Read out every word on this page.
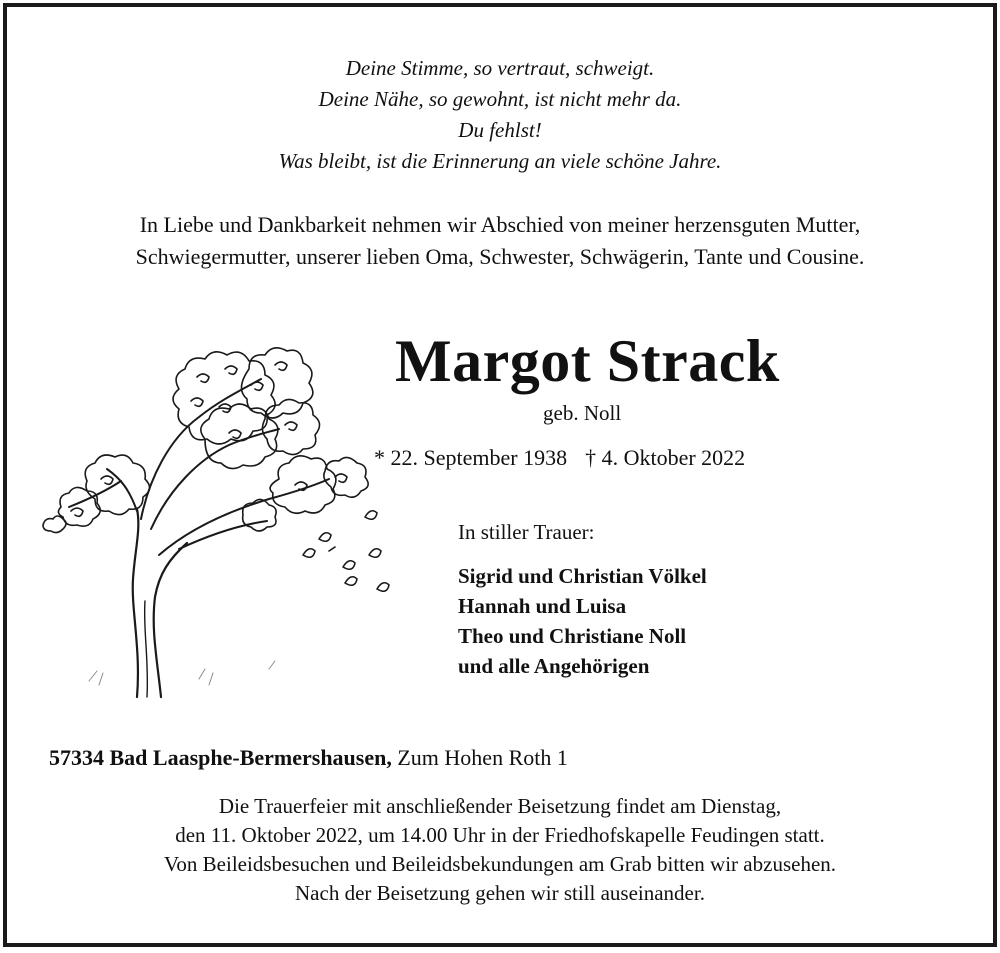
Deine Stimme, so vertraut, schweigt.
Deine Nähe, so gewohnt, ist nicht mehr da.
Du fehlst!
Was bleibt, ist die Erinnerung an viele schöne Jahre.
In Liebe und Dankbarkeit nehmen wir Abschied von meiner herzensguten Mutter,
Schwiegermutter, unserer lieben Oma, Schwester, Schwägerin, Tante und Cousine.
Margot Strack
geb. Noll
* 22. September 1938 † 4. Oktober 2022
In stiller Trauer:
Sigrid und Christian Völkel
Hannah und Luisa
Theo und Christiane Noll
und alle Angehörigen
57334 Bad Laasphe-Bermershausen, Zum Hohen Roth 1
Die Trauerfeier mit anschließender Beisetzung findet am Dienstag,
den 11. Oktober 2022, um 14.00 Uhr in der Friedhofskapelle Feudingen statt.
Von Beileidsbesuchen und Beileidsbekundungen am Grab bitten wir abzusehen.
Nach der Beisetzung gehen wir still auseinander.
